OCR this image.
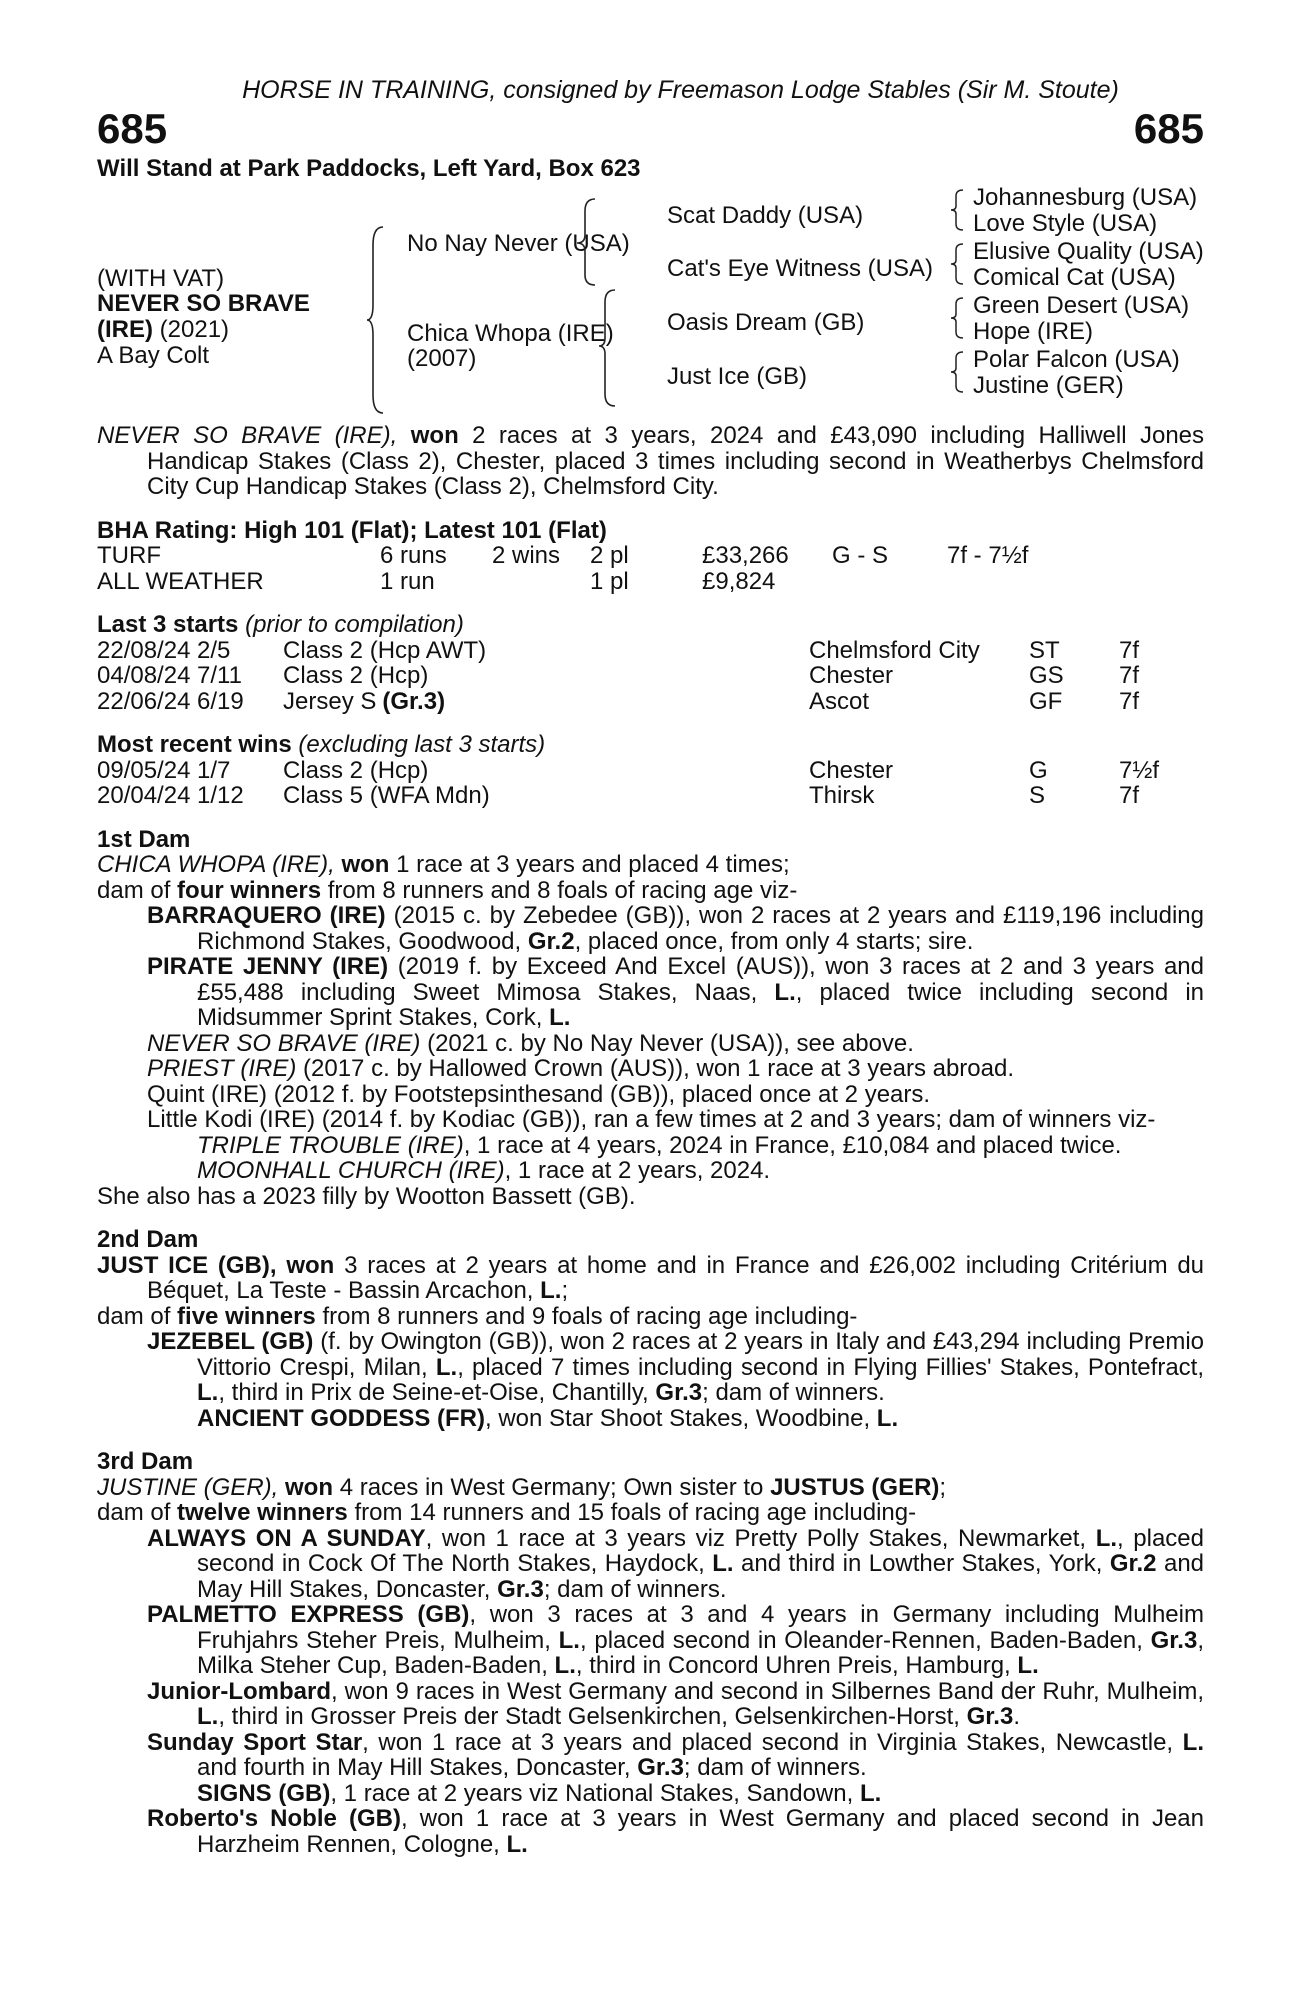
HORSE IN TRAINING, consigned by Freemason Lodge Stables (Sir M. Stoute)
685	685
Will Stand at Park Paddocks, Left Yard, Box 623
(WITH VAT)
NEVER SO BRAVE
(IRE) (2021)
A Bay Colt
No Nay Never (USA)
Chica Whopa (IRE)
(2007)
Scat Daddy (USA)
Cat's Eye Witness (USA)
Oasis Dream (GB)
Just Ice (GB)
Johannesburg (USA)
Love Style (USA)
Elusive Quality (USA)
Comical Cat (USA)
Green Desert (USA)
Hope (IRE)
Polar Falcon (USA)
Justine (GER)
NEVER SO BRAVE (IRE), won 2 races at 3 years, 2024 and £43,090 including Halliwell Jones Handicap Stakes (Class 2), Chester, placed 3 times including second in Weatherbys Chelmsford City Cup Handicap Stakes (Class 2), Chelmsford City.
BHA Rating: High 101 (Flat); Latest 101 (Flat)
TURF	6 runs	2 wins	2 pl	£33,266	G - S	7f - 7½f
ALL WEATHER	1 run	1 pl	£9,824
Last 3 starts (prior to compilation)
22/08/24 2/5	Class 2 (Hcp AWT)	Chelmsford City	ST	7f
04/08/24 7/11	Class 2 (Hcp)	Chester	GS	7f
22/06/24 6/19	Jersey S (Gr.3)	Ascot	GF	7f
Most recent wins (excluding last 3 starts)
09/05/24 1/7	Class 2 (Hcp)	Chester	G	7½f
20/04/24 1/12	Class 5 (WFA Mdn)	Thirsk	S	7f
1st Dam
CHICA WHOPA (IRE), won 1 race at 3 years and placed 4 times;
dam of four winners from 8 runners and 8 foals of racing age viz-
BARRAQUERO (IRE) (2015 c. by Zebedee (GB)), won 2 races at 2 years and £119,196 including Richmond Stakes, Goodwood, Gr.2, placed once, from only 4 starts; sire.
PIRATE JENNY (IRE) (2019 f. by Exceed And Excel (AUS)), won 3 races at 2 and 3 years and £55,488 including Sweet Mimosa Stakes, Naas, L., placed twice including second in Midsummer Sprint Stakes, Cork, L.
NEVER SO BRAVE (IRE) (2021 c. by No Nay Never (USA)), see above.
PRIEST (IRE) (2017 c. by Hallowed Crown (AUS)), won 1 race at 3 years abroad.
Quint (IRE) (2012 f. by Footstepsinthesand (GB)), placed once at 2 years.
Little Kodi (IRE) (2014 f. by Kodiac (GB)), ran a few times at 2 and 3 years; dam of winners viz-
TRIPLE TROUBLE (IRE), 1 race at 4 years, 2024 in France, £10,084 and placed twice.
MOONHALL CHURCH (IRE), 1 race at 2 years, 2024.
She also has a 2023 filly by Wootton Bassett (GB).
2nd Dam
JUST ICE (GB), won 3 races at 2 years at home and in France and £26,002 including Critérium du Béquet, La Teste - Bassin Arcachon, L.;
dam of five winners from 8 runners and 9 foals of racing age including-
JEZEBEL (GB) (f. by Owington (GB)), won 2 races at 2 years in Italy and £43,294 including Premio Vittorio Crespi, Milan, L., placed 7 times including second in Flying Fillies' Stakes, Pontefract, L., third in Prix de Seine-et-Oise, Chantilly, Gr.3; dam of winners.
ANCIENT GODDESS (FR), won Star Shoot Stakes, Woodbine, L.
3rd Dam
JUSTINE (GER), won 4 races in West Germany; Own sister to JUSTUS (GER);
dam of twelve winners from 14 runners and 15 foals of racing age including-
ALWAYS ON A SUNDAY, won 1 race at 3 years viz Pretty Polly Stakes, Newmarket, L., placed second in Cock Of The North Stakes, Haydock, L. and third in Lowther Stakes, York, Gr.2 and May Hill Stakes, Doncaster, Gr.3; dam of winners.
PALMETTO EXPRESS (GB), won 3 races at 3 and 4 years in Germany including Mulheim Fruhjahrs Steher Preis, Mulheim, L., placed second in Oleander-Rennen, Baden-Baden, Gr.3, Milka Steher Cup, Baden-Baden, L., third in Concord Uhren Preis, Hamburg, L.
Junior-Lombard, won 9 races in West Germany and second in Silbernes Band der Ruhr, Mulheim, L., third in Grosser Preis der Stadt Gelsenkirchen, Gelsenkirchen-Horst, Gr.3.
Sunday Sport Star, won 1 race at 3 years and placed second in Virginia Stakes, Newcastle, L. and fourth in May Hill Stakes, Doncaster, Gr.3; dam of winners.
SIGNS (GB), 1 race at 2 years viz National Stakes, Sandown, L.
Roberto's Noble (GB), won 1 race at 3 years in West Germany and placed second in Jean Harzheim Rennen, Cologne, L.
